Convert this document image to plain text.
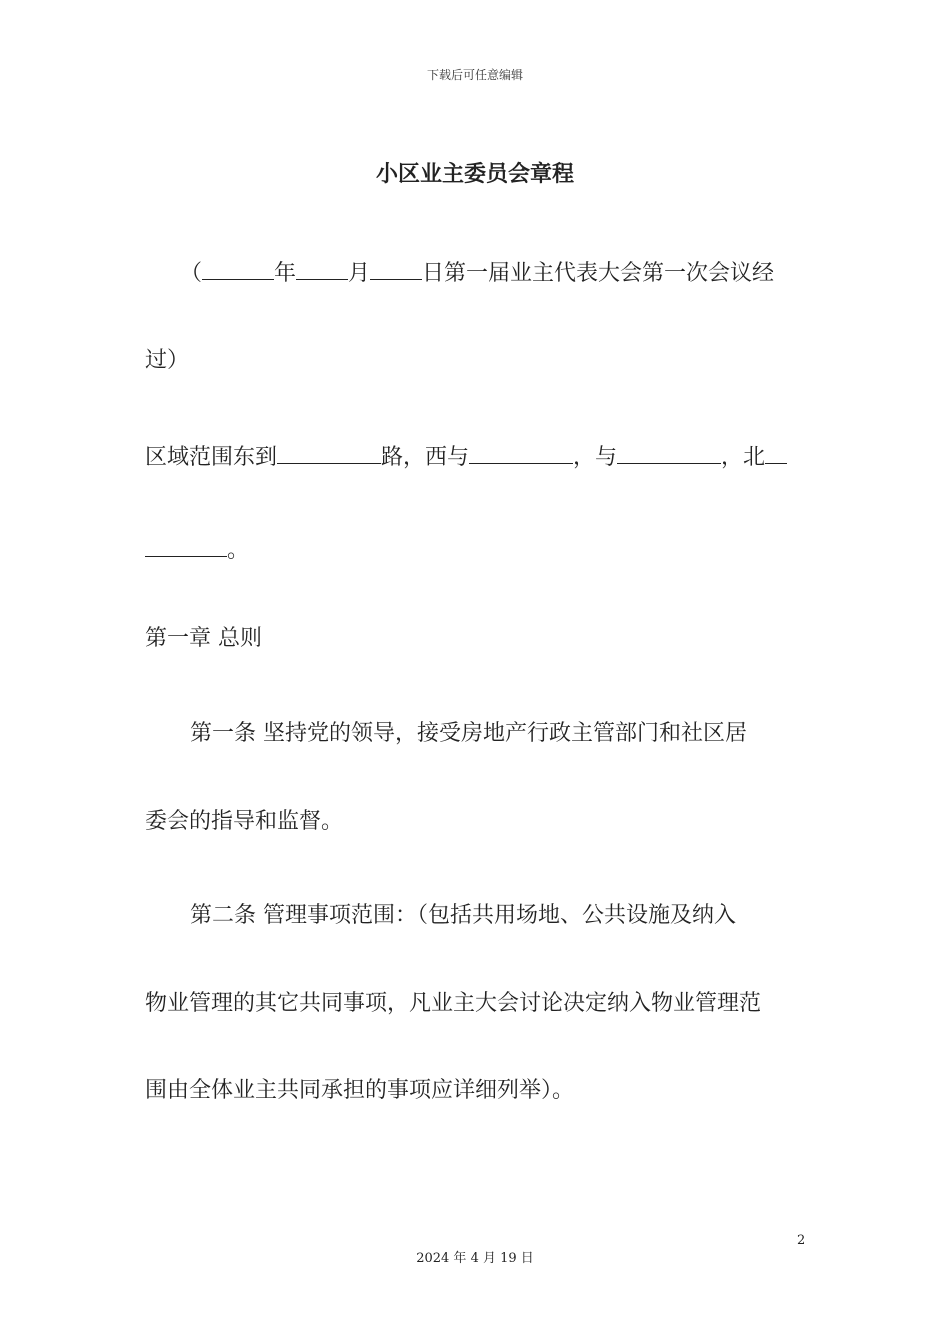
下载后可任意编辑
小区业主委员会章程
（	年 月 日第一届业主代表大会第一次会议经
过）
区域范围东到	路，西与	，与	，北
。
第一章 总则
第一条 坚持党的领导，接受房地产行政主管部门和社区居
委会的指导和监督。
第二条 管理事项范围：（包括共用场地、公共设施及纳入
物业管理的其它共同事项，凡业主大会讨论决定纳入物业管理范
围由全体业主共同承担的事项应详细列举）。
2
2024 年 4 月 19 日
